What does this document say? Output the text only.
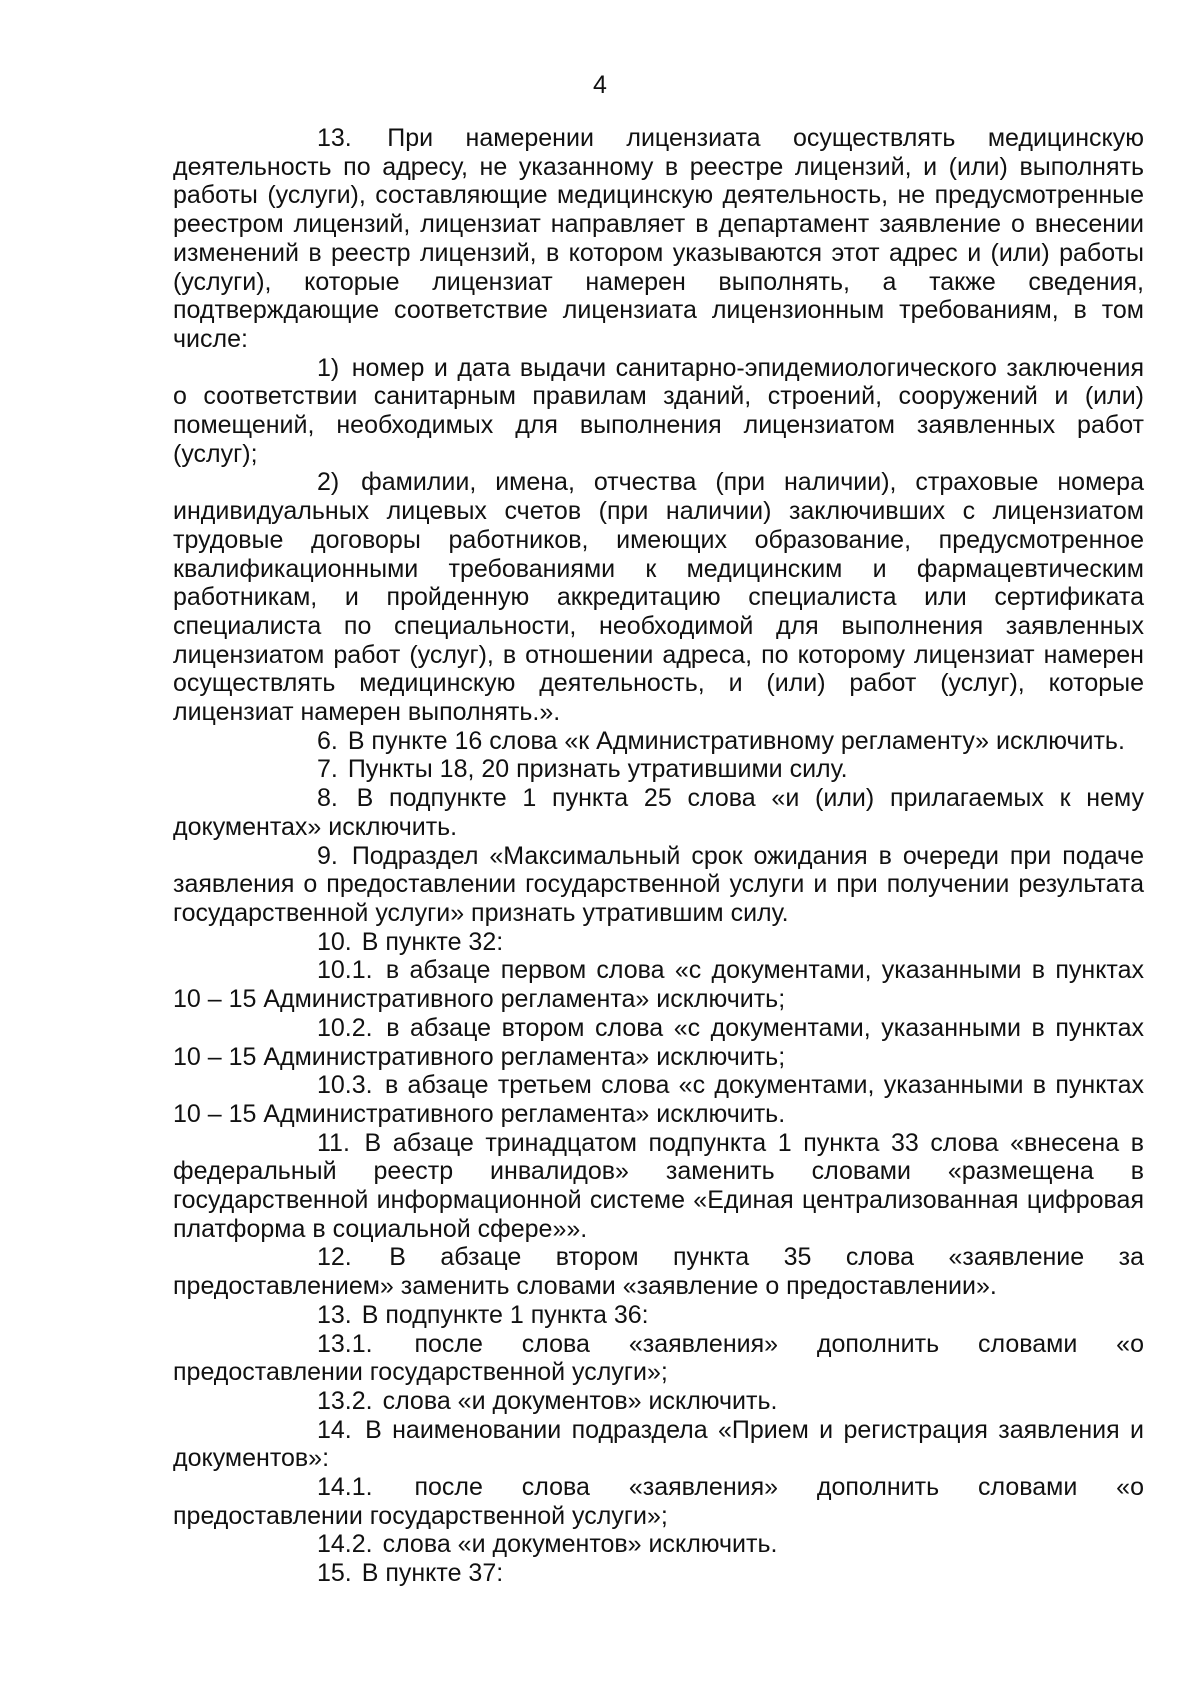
4

13. При намерении лицензиата осуществлять медицинскую деятельность по адресу, не указанному в реестре лицензий, и (или) выполнять работы (услуги), составляющие медицинскую деятельность, не предусмотренные реестром лицензий, лицензиат направляет в департамент заявление о внесении изменений в реестр лицензий, в котором указываются этот адрес и (или) работы (услуги), которые лицензиат намерен выполнять, а также сведения, подтверждающие соответствие лицензиата лицензионным требованиям, в том числе:

1) номер и дата выдачи санитарно-эпидемиологического заключения о соответствии санитарным правилам зданий, строений, сооружений и (или) помещений, необходимых для выполнения лицензиатом заявленных работ (услуг);

2) фамилии, имена, отчества (при наличии), страховые номера индивидуальных лицевых счетов (при наличии) заключивших с лицензиатом трудовые договоры работников, имеющих образование, предусмотренное квалификационными требованиями к медицинским и фармацевтическим работникам, и пройденную аккредитацию специалиста или сертификата специалиста по специальности, необходимой для выполнения заявленных лицензиатом работ (услуг), в отношении адреса, по которому лицензиат намерен осуществлять медицинскую деятельность, и (или) работ (услуг), которые лицензиат намерен выполнять.».

6. В пункте 16 слова «к Административному регламенту» исключить.

7. Пункты 18, 20 признать утратившими силу.

8. В подпункте 1 пункта 25 слова «и (или) прилагаемых к нему документах» исключить.

9. Подраздел «Максимальный срок ожидания в очереди при подаче заявления о предоставлении государственной услуги и при получении результата государственной услуги» признать утратившим силу.

10. В пункте 32:

10.1. в абзаце первом слова «с документами, указанными в пунктах 10 – 15 Административного регламента» исключить;

10.2. в абзаце втором слова «с документами, указанными в пунктах 10 – 15 Административного регламента» исключить;

10.3. в абзаце третьем слова «с документами, указанными в пунктах 10 – 15 Административного регламента» исключить.

11. В абзаце тринадцатом подпункта 1 пункта 33 слова «внесена в федеральный реестр инвалидов» заменить словами «размещена в государственной информационной системе «Единая централизованная цифровая платформа в социальной сфере»».

12. В абзаце втором пункта 35 слова «заявление за предоставлением» заменить словами «заявление о предоставлении».

13. В подпункте 1 пункта 36:

13.1. после слова «заявления» дополнить словами «о предоставлении государственной услуги»;

13.2. слова «и документов» исключить.

14. В наименовании подраздела «Прием и регистрация заявления и документов»:

14.1. после слова «заявления» дополнить словами «о предоставлении государственной услуги»;

14.2. слова «и документов» исключить.

15. В пункте 37:
